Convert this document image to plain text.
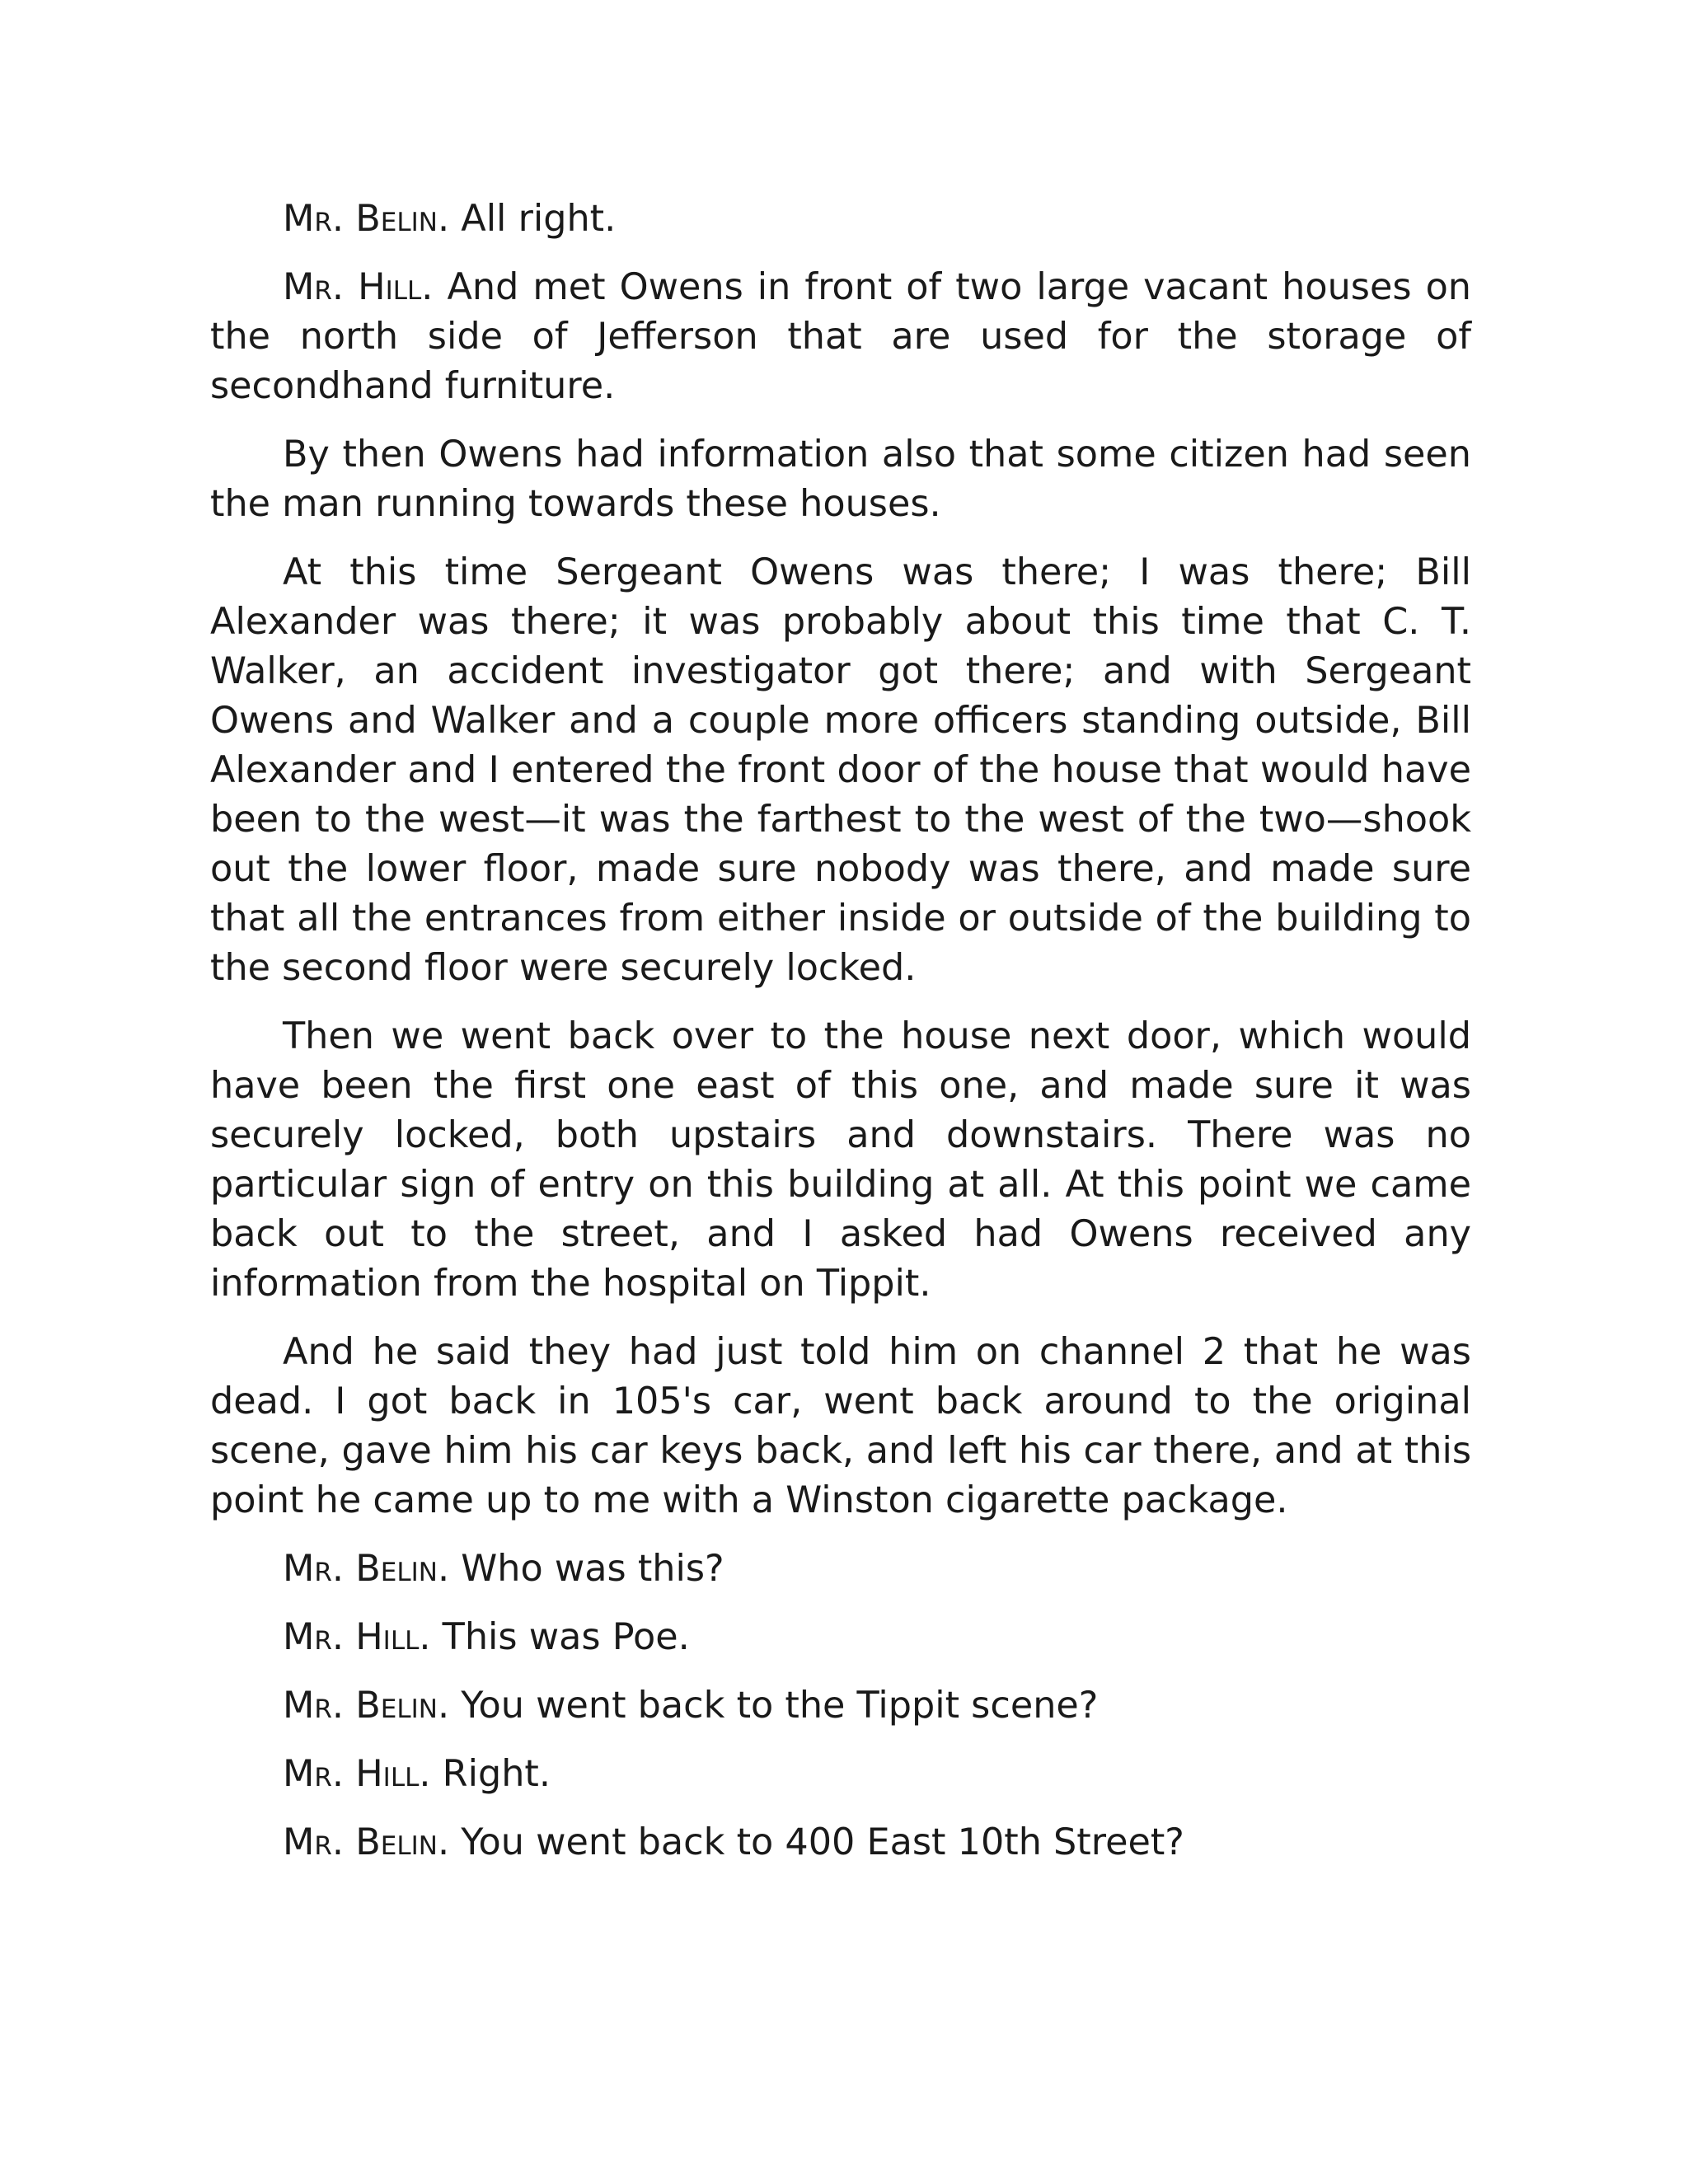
Mr. Belin. All right.

Mr. Hill. And met Owens in front of two large vacant houses on the north side of Jefferson that are used for the storage of secondhand furniture.

By then Owens had information also that some citizen had seen the man running towards these houses.

At this time Sergeant Owens was there; I was there; Bill Alexander was there; it was probably about this time that C. T. Walker, an accident investigator got there; and with Sergeant Owens and Walker and a couple more officers standing outside, Bill Alexander and I entered the front door of the house that would have been to the west—it was the farthest to the west of the two—shook out the lower floor, made sure nobody was there, and made sure that all the entrances from either inside or outside of the building to the second floor were securely locked.

Then we went back over to the house next door, which would have been the first one east of this one, and made sure it was securely locked, both upstairs and downstairs. There was no particular sign of entry on this building at all. At this point we came back out to the street, and I asked had Owens received any information from the hospital on Tippit.

And he said they had just told him on channel 2 that he was dead. I got back in 105's car, went back around to the original scene, gave him his car keys back, and left his car there, and at this point he came up to me with a Winston cigarette package.

Mr. Belin. Who was this?

Mr. Hill. This was Poe.

Mr. Belin. You went back to the Tippit scene?

Mr. Hill. Right.

Mr. Belin. You went back to 400 East 10th Street?
